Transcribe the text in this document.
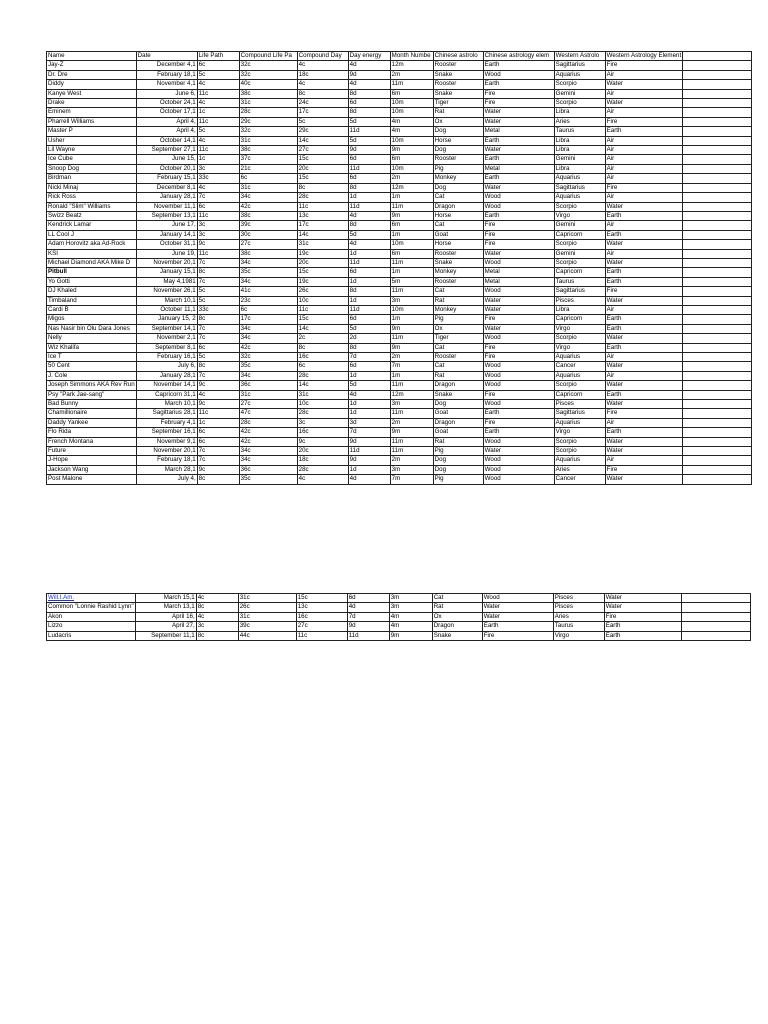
Name	Date	Life Path	Compound Life Pa	Compound Day	Day energy	Month Numbe	Chinese astrolo	Chinese astrology elem	Western Astrolo	Western Astrology Element	
Jay-Z	December 4,1	6c	32c	4c	4d	12m	Rooster	Earth	Sagittarius	Fire	
Dr. Dre	February 18,1	5c	32c	18c	9d	2m	Snake	Wood	Aquarius	Air	
Diddy	November 4,1	4c	40c	4c	4d	11m	Rooster	Earth	Scorpio	Water	
Kanye West	June 6,	11c	38c	8c	8d	6m	Snake	Fire	Gemini	Air	
Drake	October 24,1	4c	31c	24c	6d	10m	Tiger	Fire	Scorpio	Water	
Eminem	October 17,1	1c	28c	17c	8d	10m	Rat	Water	Libra	Air	
Pharrell Williams	April 4,	11c	29c	5c	5d	4m	Ox	Water	Aries	Fire	
Master P	April 4,	5c	32c	29c	11d	4m	Dog	Metal	Taurus	Earth	
Usher	October 14,1	4c	31c	14c	5d	10m	Horse	Earth	Libra	Air	
Lil Wayne	September 27,1	11c	38c	27c	9d	9m	Dog	Water	Libra	Air	
Ice Cube	June 15,	1c	37c	15c	6d	6m	Rooster	Earth	Gemini	Air	
Snoop Dog	October 20,1	3c	21c	20c	11d	10m	Pig	Metal	Libra	Air	
Birdman	February 15,1	33c	6c	15c	6d	2m	Monkey	Earth	Aquarius	Air	
Nicki Minaj	December 8,1	4c	31c	8c	8d	12m	Dog	Water	Sagittarius	Fire	
Rick Ross	January 28,1	7c	34c	28c	1d	1m	Cat	Wood	Aquarius	Air	
Ronald "Slim" Williams	November 11,1	6c	42c	11c	11d	11m	Dragon	Wood	Scorpio	Water	
Swizz Beatz	September 13,1	11c	38c	13c	4d	9m	Horse	Earth	Virgo	Earth	
Kendrick Lamar	June 17,	3c	39c	17c	8d	6m	Cat	Fire	Gemini	Air	
LL Cool J	January 14,1	3c	30c	14c	5d	1m	Goat	Fire	Capricorn	Earth	
Adam Horovitz aka Ad-Rock	October 31,1	9c	27c	31c	4d	10m	Horse	Fire	Scorpio	Water	
KSI	June 19,	11c	38c	19c	1d	6m	Rooster	Water	Gemini	Air	
Michael Diamond AKA Mike D	November 20,1	7c	34c	20c	11d	11m	Snake	Wood	Scorpio	Water	
Pitbull	January 15,1	8c	35c	15c	6d	1m	Monkey	Metal	Capricorn	Earth	
Yo Gotti	May 4,1981	7c	34c	19c	1d	5m	Rooster	Metal	Taurus	Earth	
DJ Khaled	November 26,1	5c	41c	26c	8d	11m	Cat	Wood	Sagittarius	Fire	
Timbaland	March 10,1	5c	23c	10c	1d	3m	Rat	Water	Pisces	Water	
Cardi B	October 11,1	33c	6c	11c	11d	10m	Monkey	Water	Libra	Air	
Migos	January 15, 2	8c	17c	15c	6d	1m	Pig	Fire	Capricorn	Earth	
Nas Nasir bin Olu Dara Jones	September 14,1	7c	34c	14c	5d	9m	Ox	Water	Virgo	Earth	
Nelly	November 2,1	7c	34c	2c	2d	11m	Tiger	Wood	Scorpio	Water	
Wiz Khalifa	September 8,1	6c	42c	8c	8d	9m	Cat	Fire	Virgo	Earth	
Ice T	February 16,1	5c	32c	16c	7d	2m	Rooster	Fire	Aquarius	Air	
50 Cent	July 6,	8c	35c	6c	6d	7m	Cat	Wood	Cancer	Water	
J. Cole	January 28,1	7c	34c	28c	1d	1m	Rat	Wood	Aquarius	Air	
Joseph Simmons AKA Rev Run	November 14,1	9c	36c	14c	5d	11m	Dragon	Wood	Scorpio	Water	
Psy "Park Jae-sang"	Capricorn 31,1	4c	31c	31c	4d	12m	Snake	Fire	Capricorn	Earth	
Bad Bunny	March 10,1	9c	27c	10c	1d	3m	Dog	Wood	Pisces	Water	
Chamillionaire	Sagittarius 28,1	11c	47c	28c	1d	11m	Goat	Earth	Sagittarius	Fire	
Daddy Yankee	February 4,1	1c	28c	3c	3d	2m	Dragon	Fire	Aquarius	Air	
Flo Rida	September 16,1	6c	42c	16c	7d	9m	Goat	Earth	Virgo	Earth	
French Montana	November 9,1	6c	42c	9c	9d	11m	Rat	Wood	Scorpio	Water	
Future	November 20,1	7c	34c	20c	11d	11m	Pig	Water	Scorpio	Water	
J-Hope	February 18,1	7c	34c	18c	9d	2m	Dog	Wood	Aquarius	Air	
Jackson Wang	March 28,1	9c	36c	28c	1d	3m	Dog	Wood	Aries	Fire	
Post Malone	July 4,	8c	35c	4c	4d	7m	Pig	Wood	Cancer	Water	
Will.I.Am.	March 15,1	4c	31c	15c	6d	3m	Cat	Wood	Pisces	Water	
Common "Lonnie Rashid Lynn"	March 13,1	8c	26c	13c	4d	3m	Rat	Water	Pisces	Water	
Akon	April 16,	4c	31c	16c	7d	4m	Ox	Water	Aries	Fire	
Lizzo	April 27,	3c	39c	27c	9d	4m	Dragon	Earth	Taurus	Earth	
Ludacris	September 11,1	8c	44c	11c	11d	9m	Snake	Fire	Virgo	Earth	
